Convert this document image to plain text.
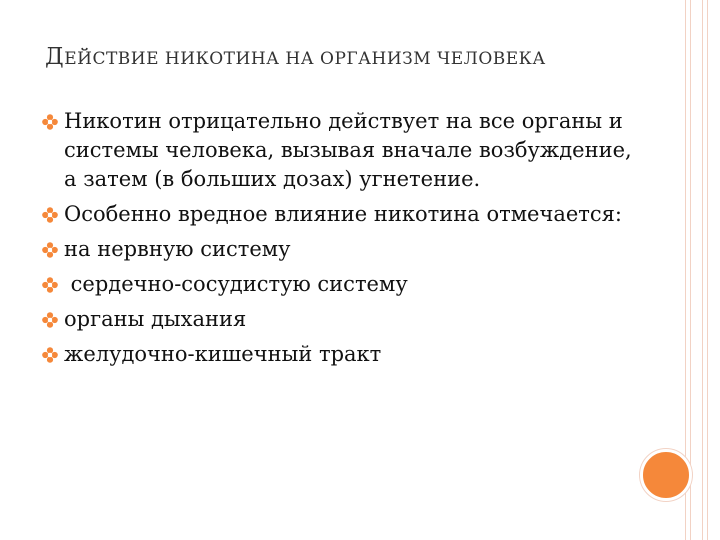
ДЕЙСТВИЕ НИКОТИНА НА ОРГАНИЗМ ЧЕЛОВЕКА
Никотин отрицательно действует на все органы и системы человека, вызывая вначале возбуждение, а затем (в больших дозах) угнетение.
Особенно вредное влияние никотина отмечается:
на нервную систему
сердечно-сосудистую систему
органы дыхания
желудочно-кишечный тракт
